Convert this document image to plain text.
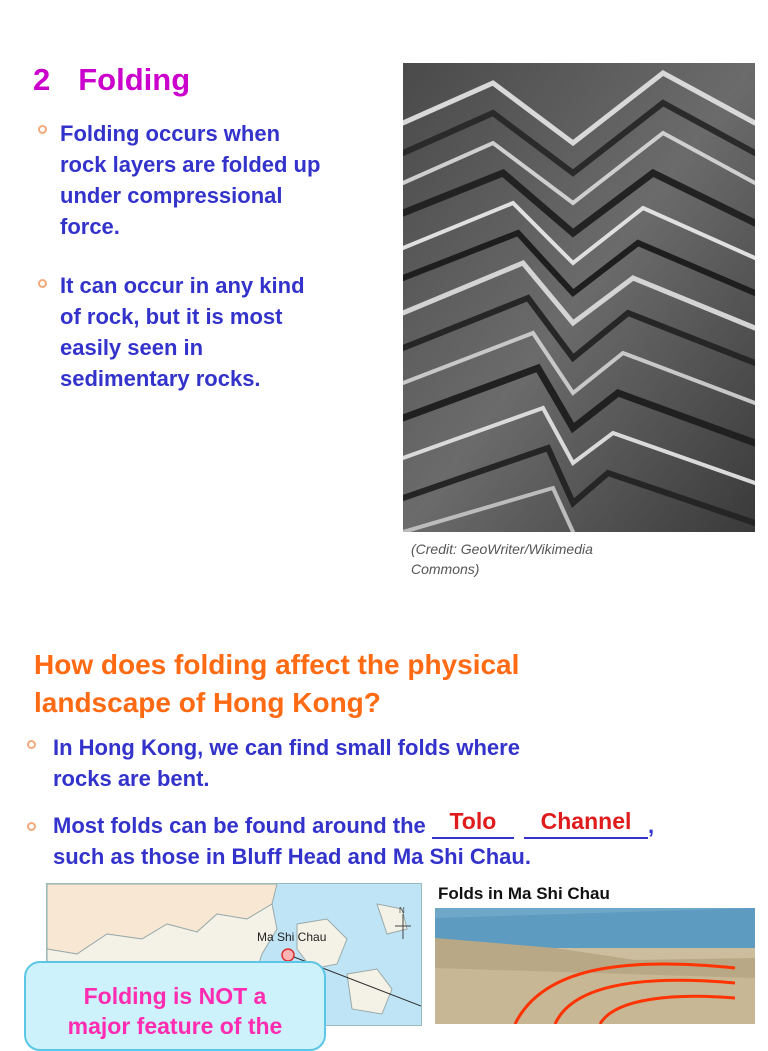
2 Folding
Folding occurs when
rock layers are folded up
under compressional
force.
It can occur in any kind
of rock, but it is most
easily seen in
sedimentary rocks.
(Credit: GeoWriter/Wikimedia
Commons)
How does folding affect the physical
landscape of Hong Kong?
In Hong Kong, we can find small folds where
rocks are bent.
Most folds can be found around the Tolo Channel ,
such as those in Bluff Head and Ma Shi Chau.
Ma Shi Chau
N
Folds in Ma Shi Chau
Folding is NOT a
major feature of the
